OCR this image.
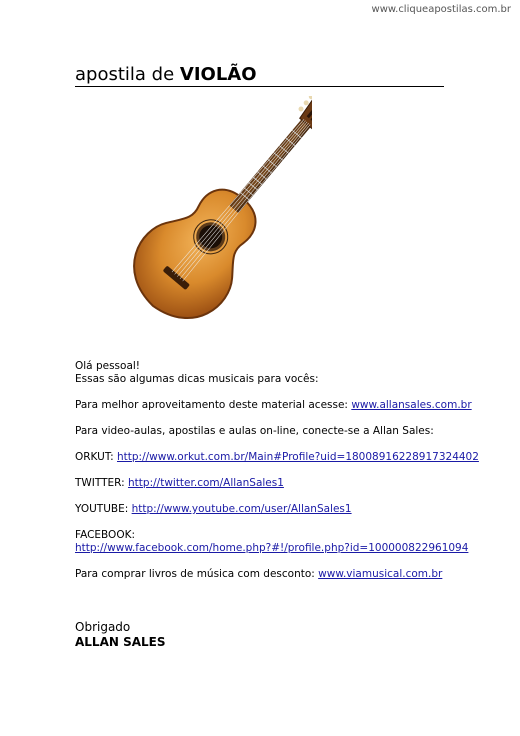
www.cliqueapostilas.com.br
apostila de VIOLÃO

Olá pessoal!
Essas são algumas dicas musicais para vocês:

Para melhor aproveitamento deste material acesse: www.allansales.com.br

Para video-aulas, apostilas e aulas on-line, conecte-se a Allan Sales:

ORKUT: http://www.orkut.com.br/Main#Profile?uid=18008916228917324402

TWITTER: http://twitter.com/AllanSales1

YOUTUBE: http://www.youtube.com/user/AllanSales1

FACEBOOK:
http://www.facebook.com/home.php?#!/profile.php?id=100000822961094

Para comprar livros de música com desconto: www.viamusical.com.br

Obrigado
ALLAN SALES
